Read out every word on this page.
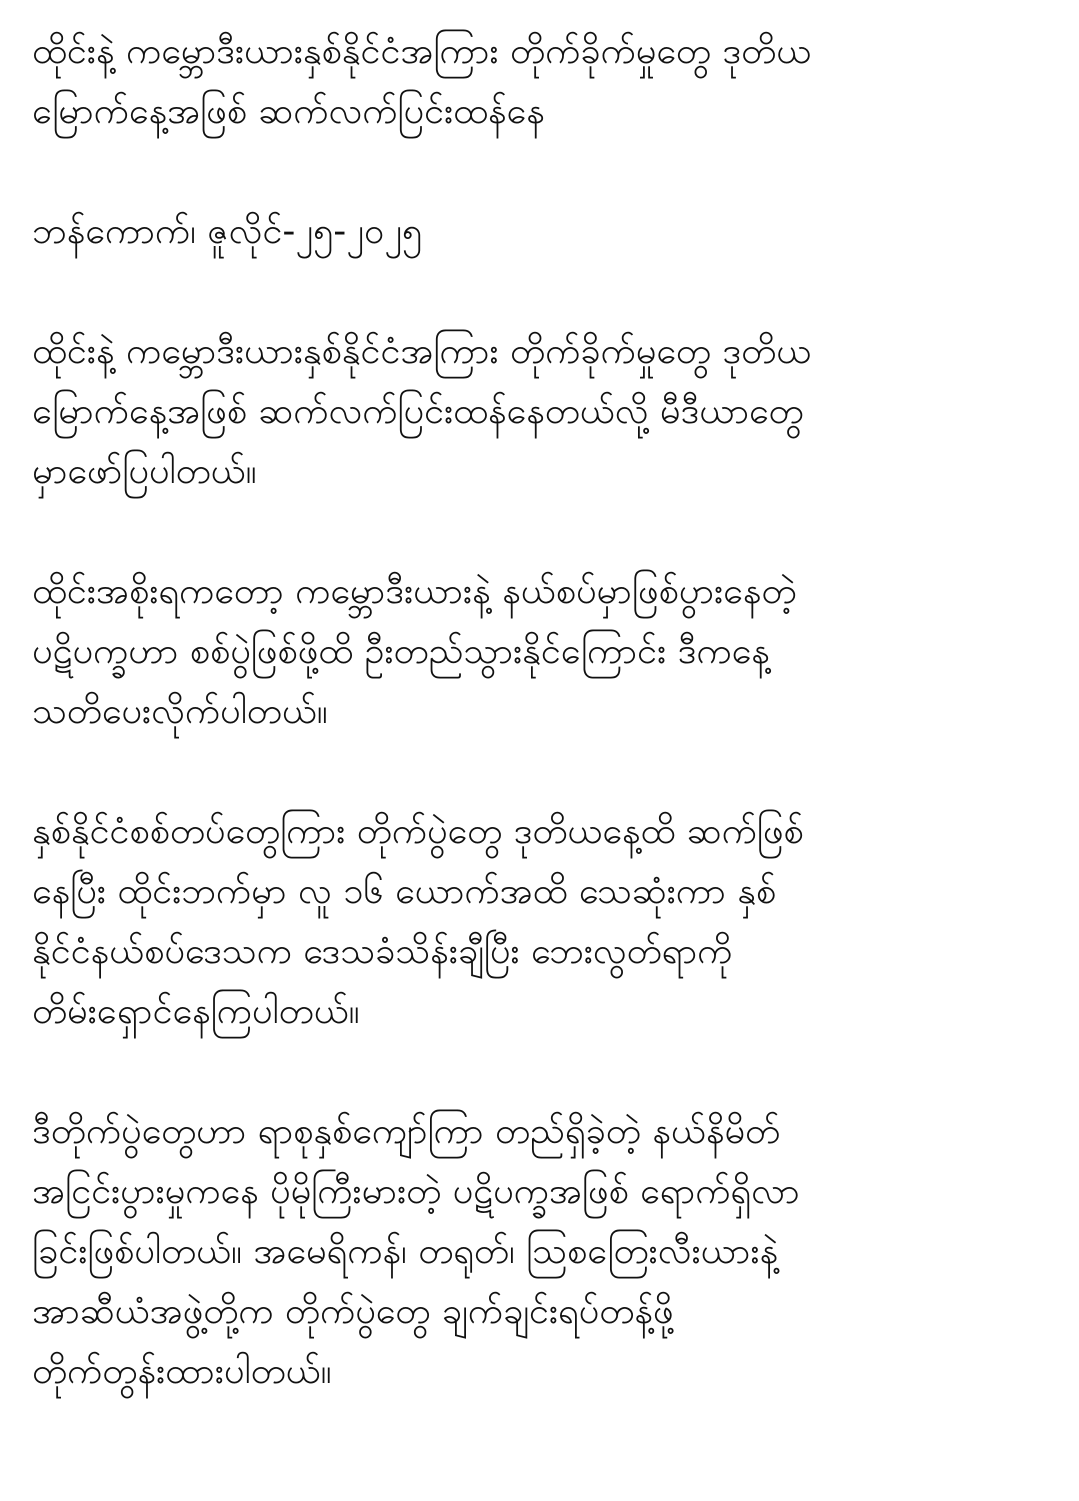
ထိုင်းနဲ့ ကမ္ဘောဒီးယားနှစ်နိုင်ငံအကြား တိုက်ခိုက်မှုတွေ ဒုတိယ
မြောက်နေ့အဖြစ် ဆက်လက်ပြင်းထန်နေ
ဘန်ကောက်၊ ဇူလိုင်-၂၅-၂၀၂၅
ထိုင်းနဲ့ ကမ္ဘောဒီးယားနှစ်နိုင်ငံအကြား တိုက်ခိုက်မှုတွေ ဒုတိယ
မြောက်နေ့အဖြစ် ဆက်လက်ပြင်းထန်နေတယ်လို့ မီဒီယာတွေ
မှာဖော်ပြပါတယ်။
ထိုင်းအစိုးရကတော့ ကမ္ဘောဒီးယားနဲ့ နယ်စပ်မှာဖြစ်ပွားနေတဲ့
ပဋိပက္ခဟာ စစ်ပွဲဖြစ်ဖို့ထိ ဦးတည်သွားနိုင်ကြောင်း ဒီကနေ့
သတိပေးလိုက်ပါတယ်။
နှစ်နိုင်ငံစစ်တပ်တွေကြား တိုက်ပွဲတွေ ဒုတိယနေ့ထိ ဆက်ဖြစ်
နေပြီး ထိုင်းဘက်မှာ လူ ၁၆ ယောက်အထိ သေဆုံးကာ နှစ်
နိုင်ငံနယ်စပ်ဒေသက ဒေသခံသိန်းချီပြီး ဘေးလွတ်ရာကို
တိမ်းရှောင်နေကြပါတယ်။
ဒီတိုက်ပွဲတွေဟာ ရာစုနှစ်ကျော်ကြာ တည်ရှိခဲ့တဲ့ နယ်နိမိတ်
အငြင်းပွားမှုကနေ ပိုမိုကြီးမားတဲ့ ပဋိပက္ခအဖြစ် ရောက်ရှိလာ
ခြင်းဖြစ်ပါတယ်။ အမေရိကန်၊ တရုတ်၊ ဩစတြေးလီးယားနဲ့
အာဆီယံအဖွဲ့တို့က တိုက်ပွဲတွေ ချက်ချင်းရပ်တန့်ဖို့
တိုက်တွန်းထားပါတယ်။
